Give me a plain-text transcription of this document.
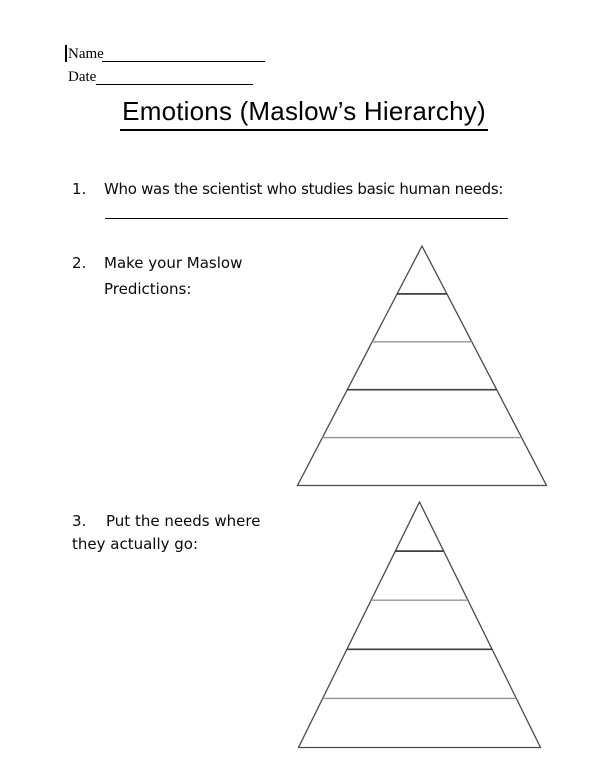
Name
Date
Emotions (Maslow’s Hierarchy)
1. Who was the scientist who studies basic human needs:
2. Make your Maslow
Predictions:
3. Put the needs where
they actually go:
